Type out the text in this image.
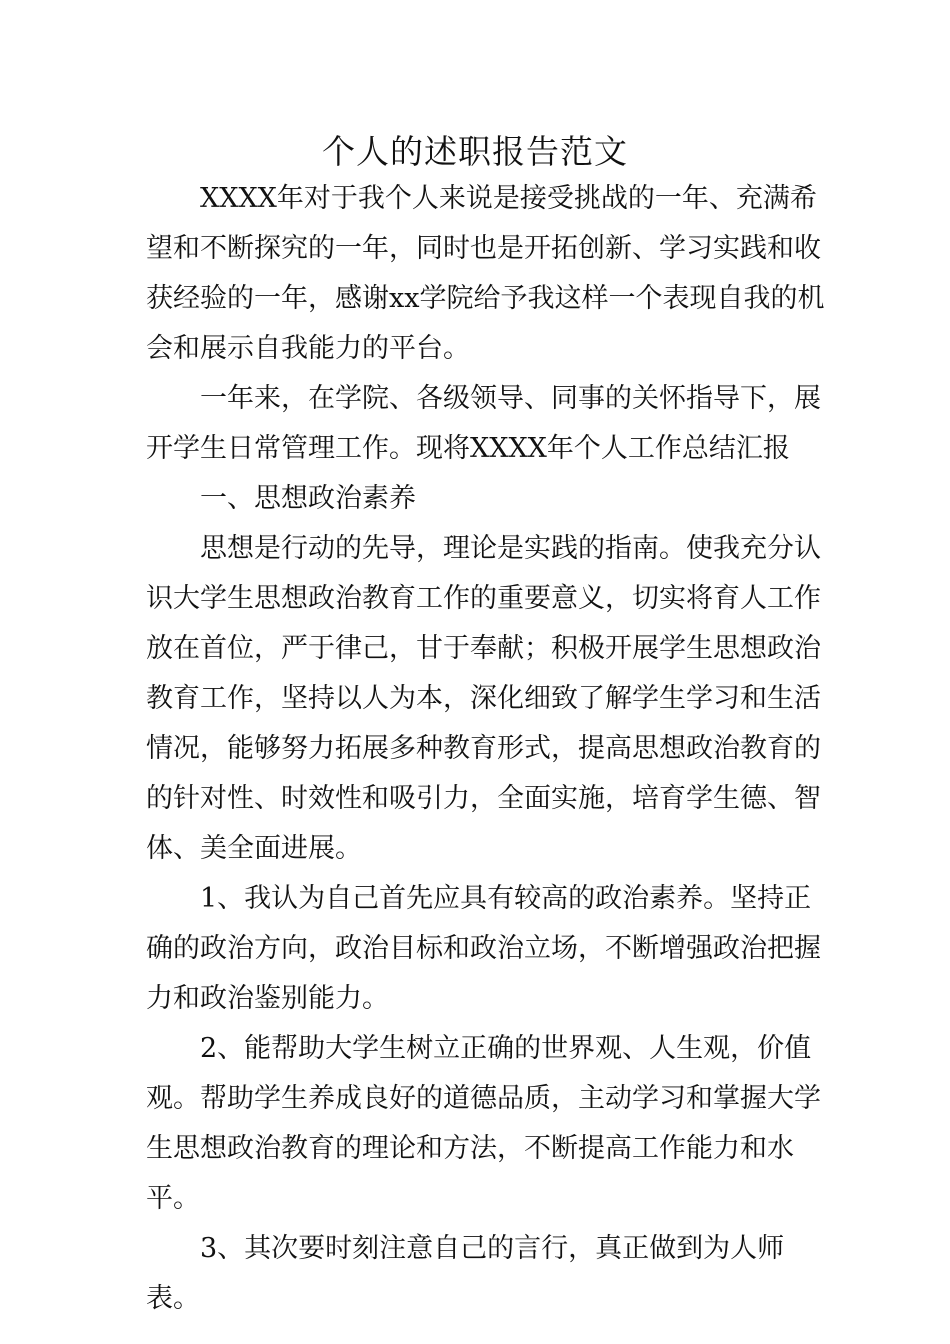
个人的述职报告范文

XXXX年对于我个人来说是接受挑战的一年、充满希望和不断探究的一年，同时也是开拓创新、学习实践和收获经验的一年，感谢xx学院给予我这样一个表现自我的机会和展示自我能力的平台。

一年来，在学院、各级领导、同事的关怀指导下，展开学生日常管理工作。现将XXXX年个人工作总结汇报

一、思想政治素养

思想是行动的先导，理论是实践的指南。使我充分认识大学生思想政治教育工作的重要意义，切实将育人工作放在首位，严于律己，甘于奉献；积极开展学生思想政治教育工作，坚持以人为本，深化细致了解学生学习和生活情况，能够努力拓展多种教育形式，提高思想政治教育的的针对性、时效性和吸引力，全面实施，培育学生德、智体、美全面进展。

1、我认为自己首先应具有较高的政治素养。坚持正确的政治方向，政治目标和政治立场，不断增强政治把握力和政治鉴别能力。

2、能帮助大学生树立正确的世界观、人生观，价值观。帮助学生养成良好的道德品质，主动学习和掌握大学生思想政治教育的理论和方法，不断提高工作能力和水平。

3、其次要时刻注意自己的言行，真正做到为人师表。
